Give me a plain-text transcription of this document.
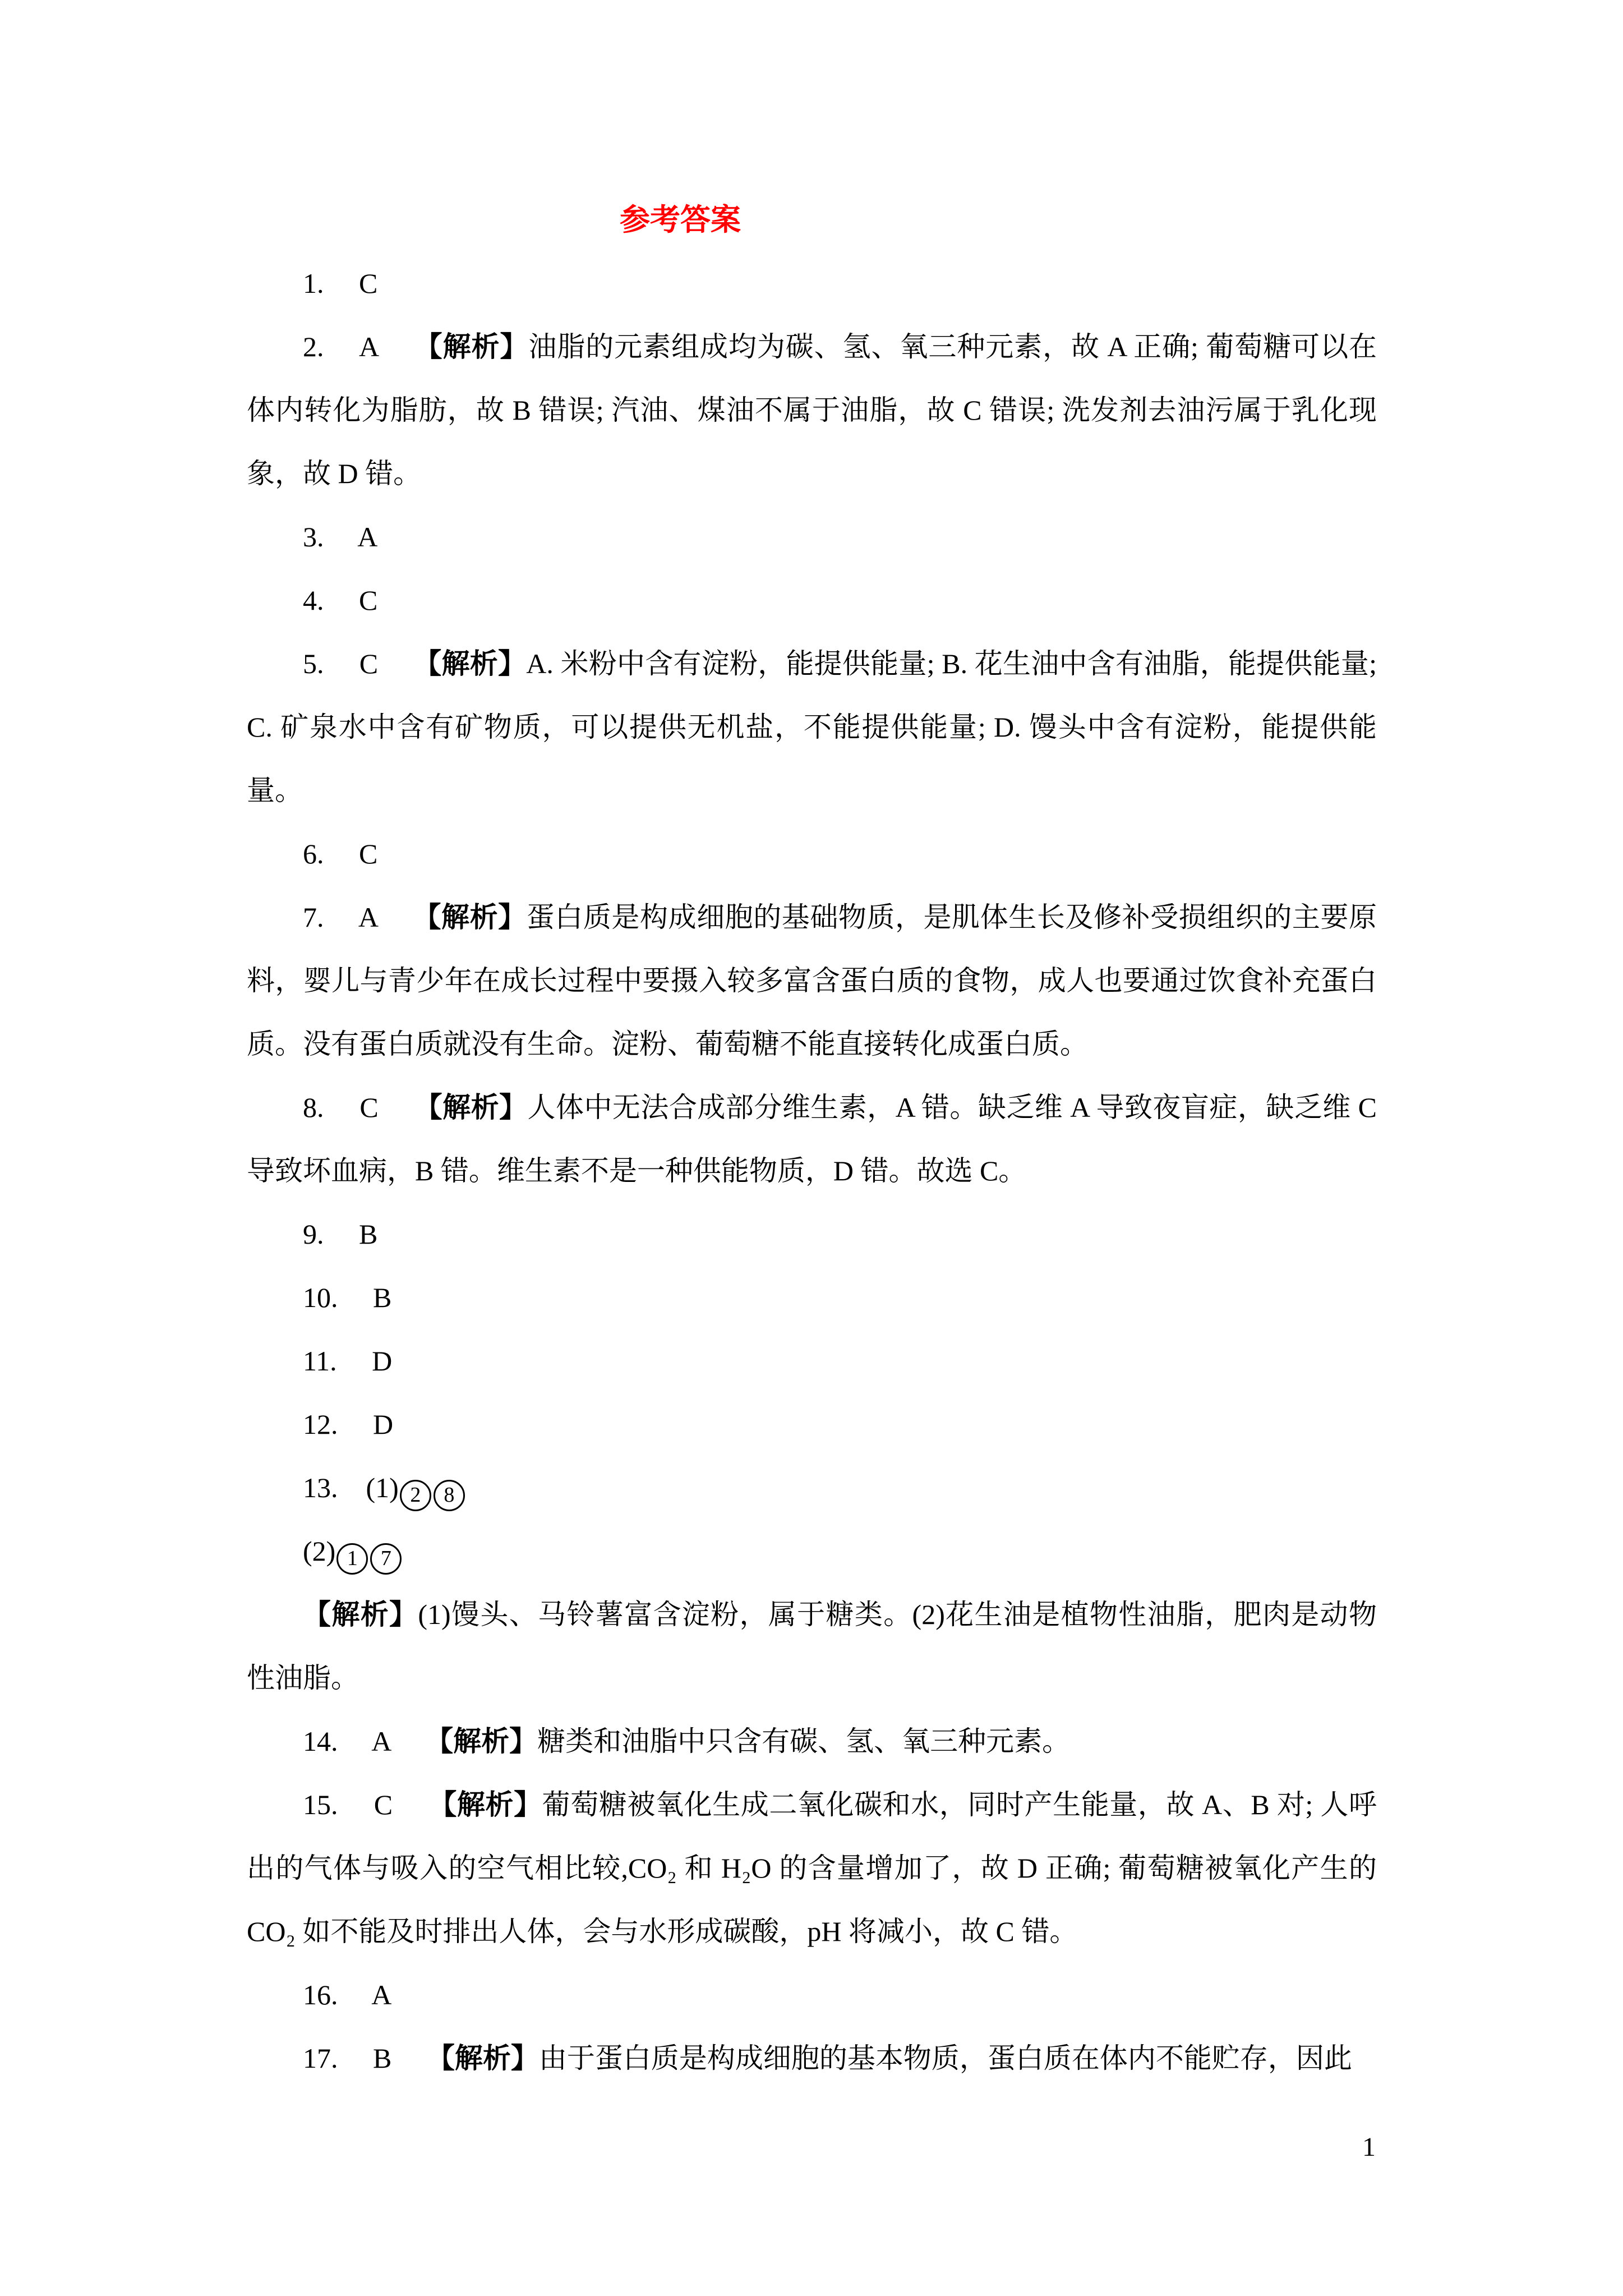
参考答案

1.　 C

2.　 A　 【解析】油脂的元素组成均为碳、氢、氧三种元素，故 A 正确; 葡萄糖可以在体内转化为脂肪，故 B 错误; 汽油、煤油不属于油脂，故 C 错误; 洗发剂去油污属于乳化现象，故 D 错。

3.　 A

4.　 C

5.　 C　 【解析】A. 米粉中含有淀粉，能提供能量; B. 花生油中含有油脂，能提供能量; C. 矿泉水中含有矿物质，可以提供无机盐，不能提供能量; D. 馒头中含有淀粉，能提供能量。

6.　 C

7.　 A　 【解析】蛋白质是构成细胞的基础物质，是肌体生长及修补受损组织的主要原料，婴儿与青少年在成长过程中要摄入较多富含蛋白质的食物，成人也要通过饮食补充蛋白质。没有蛋白质就没有生命。淀粉、葡萄糖不能直接转化成蛋白质。

8.　 C　 【解析】人体中无法合成部分维生素，A 错。缺乏维 A 导致夜盲症，缺乏维 C 导致坏血病，B 错。维生素不是一种供能物质，D 错。故选 C。

9.　 B

10.　 B

11.　 D

12.　 D

13.　(1) 2 8

(2) 1 7

【解析】(1)馒头、马铃薯富含淀粉，属于糖类。(2)花生油是植物性油脂，肥肉是动物性油脂。

14.　 A　 【解析】糖类和油脂中只含有碳、氢、氧三种元素。

15.　 C　 【解析】葡萄糖被氧化生成二氧化碳和水，同时产生能量，故 A、B 对; 人呼出的气体与吸入的空气相比较,CO₂ 和 H₂O 的含量增加了，故 D 正确; 葡萄糖被氧化产生的 CO₂ 如不能及时排出人体，会与水形成碳酸，pH 将减小，故 C 错。

16.　 A

17.　 B　 【解析】由于蛋白质是构成细胞的基本物质，蛋白质在体内不能贮存，因此

1
